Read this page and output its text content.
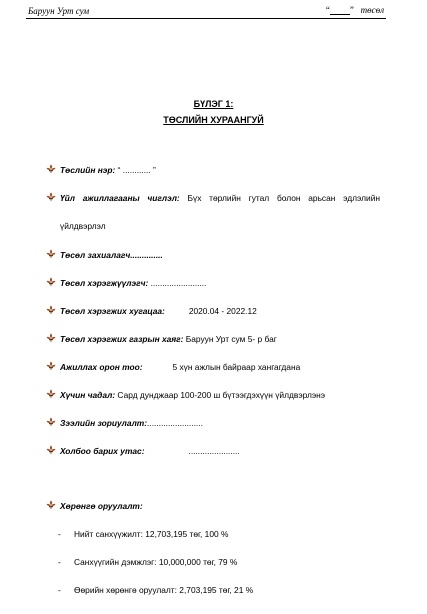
Баруун Урт сум	“ ” төсөл
БҮЛЭГ 1:
ТӨСЛИЙН ХУРААНГУЙ
Төслийн нэр: “ ............ ”
Үйл ажиллагааны чиглэл: Бүх төрлийн гутал болон арьсан эдлэлийн
үйлдвэрлэл
Төсөл захиалагч..............
Төсөл хэрэгжүүлэгч: ........................
Төсөл хэрэгжих хугацаа:	2020.04 - 2022.12
Төсөл хэрэгжих газрын хаяг: Баруун Урт сум 5- р баг
Ажиллах орон тоо:	5 хүн ажлын байраар хангагдана
Хүчин чадал: Сард дунджаар 100-200 ш бүтээгдэхүүн үйлдвэрлэнэ
Зээлийн зориулалт:........................
Холбоо барих утас:	......................
Хөрөнгө оруулалт:
- Нийт санхүүжилт: 12,703,195 төг, 100 %
- Санхүүгийн дэмжлэг: 10,000,000 төг, 79 %
- Өөрийн хөрөнгө оруулалт: 2,703,195 төг, 21 %
